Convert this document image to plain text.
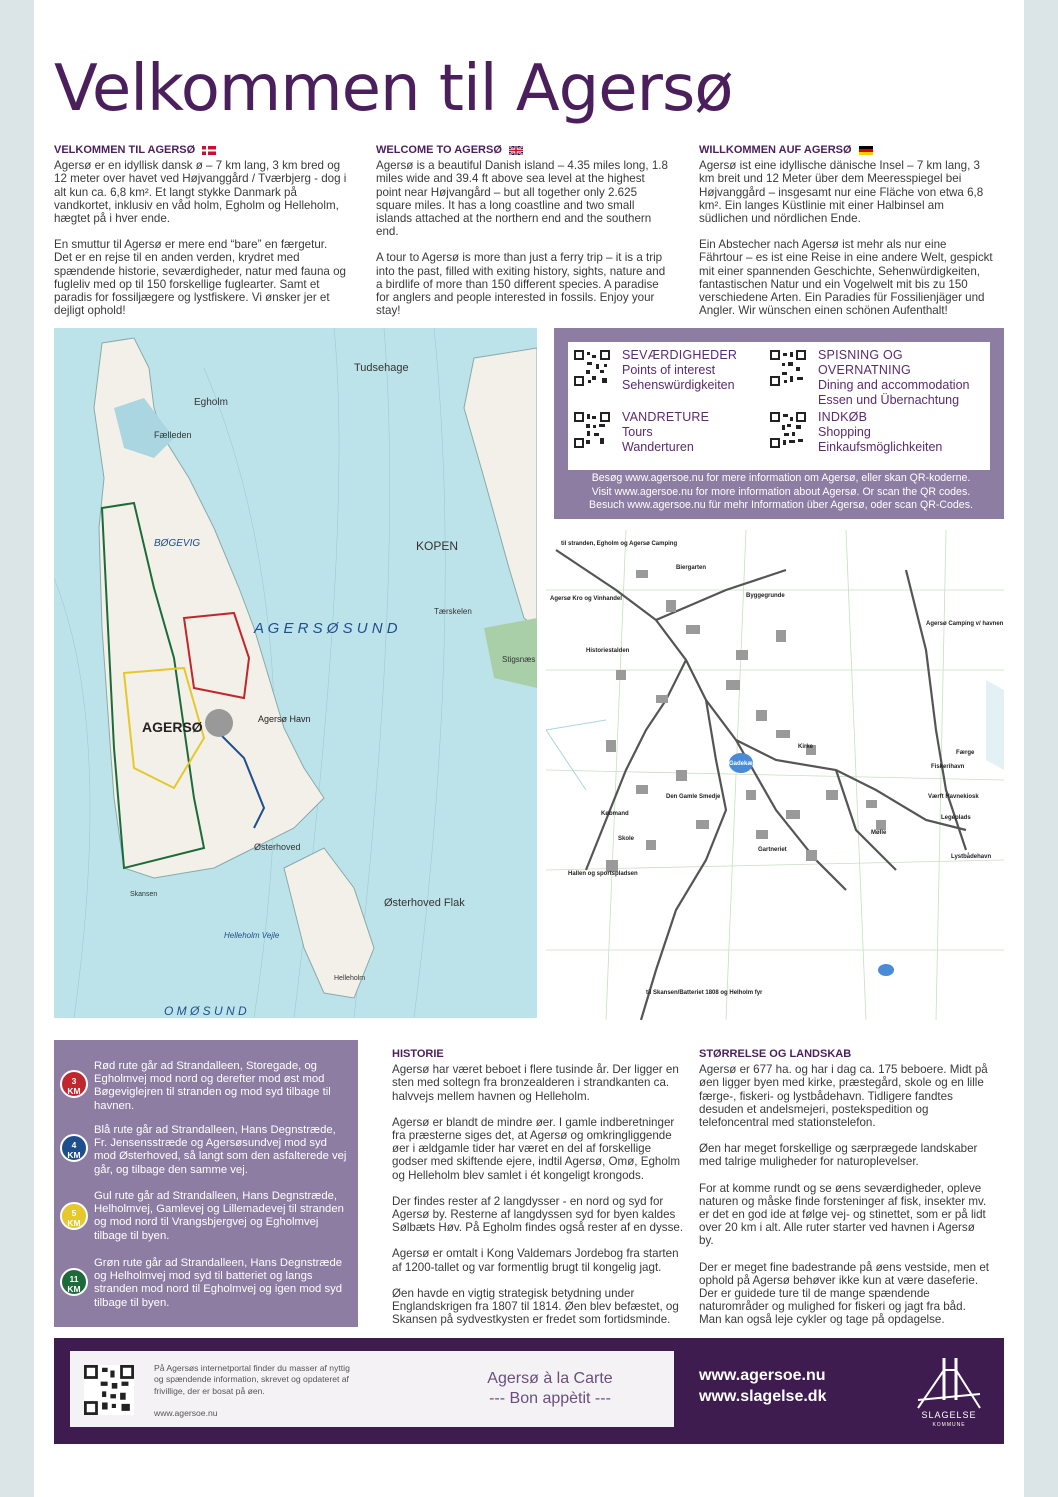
Velkommen til Agersø
VELKOMMEN TIL AGERSØ

Agersø er en idyllisk dansk ø – 7 km lang, 3 km bred og 12 meter over havet ved Højvanggård / Tværbjerg - dog i alt kun ca. 6,8 km². Et langt stykke Danmark på vandkortet, inklusiv en våd holm, Egholm og Helleholm, hægtet på i hver ende.

En smuttur til Agersø er mere end “bare” en færgetur. Det er en rejse til en anden verden, krydret med spændende historie, seværdigheder, natur med fauna og fugleliv med op til 150 forskellige fuglearter. Samt et paradis for fossiljægere og lystfiskere. Vi ønsker jer et dejligt ophold!

WELCOME TO AGERSØ

Agersø is a beautiful Danish island – 4.35 miles long, 1.8 miles wide and 39.4 ft above sea level at the highest point near Højvangård – but all together only 2.625 square miles. It has a long coastline and two small islands attached at the northern end and the southern end.

A tour to Agersø is more than just a ferry trip – it is a trip into the past, filled with exiting history, sights, nature and a birdlife of more than 150 different species. A paradise for anglers and people interested in fossils. Enjoy your stay!

WILLKOMMEN AUF AGERSØ

Agersø ist eine idyllische dänische Insel – 7 km lang, 3 km breit und 12 Meter über dem Meeresspiegel bei Højvanggård – insgesamt nur eine Fläche von etwa 6,8 km². Ein langes Küstlinie mit einer Halbinsel am südlichen und nördlichen Ende.

Ein Abstecher nach Agersø ist mehr als nur eine Fährtour – es ist eine Reise in eine andere Welt, gespickt mit einer spannenden Geschichte, Sehenwürdigkeiten, fantastischen Natur und ein Vogelwelt mit bis zu 150 verschiedene Arten. Ein Paradies für Fossilienjäger und Angler. Wir wünschen einen schönen Aufenthalt!

Tudsehage
Egholm
Fælleden
BØGEVIG	KOPEN
A G E R S Ø S U N D
Tærskelen
Stigsnæs
AGERSØ	Agersø Havn
Østerhoved
Østerhoved Flak
Helleholm Vejle
Helleholm
O M Ø S U N D
Skansen
SEVÆRDIGHEDER
Points of interest
Sehenswürdigkeiten
SPISNING OG OVERNATNING
Dining and accommodation
Essen und Übernachtung
VANDRETURE
Tours
Wanderturen
INDKØB
Shopping
Einkaufsmöglichkeiten
Besøg www.agersoe.nu for mere information om Agersø, eller skan QR-koderne.
Visit www.agersoe.nu for more information about Agersø. Or scan the QR codes.
Besuch www.agersoe.nu für mehr Information über Agersø, oder scan QR-Codes.
til stranden, Egholm og Agersø Camping
Biergarten
Agersø Kro og Vinhandel	Byggegrunde
Agersø Camping v/ havnen
Historiestalden
Kirke
Færge
Fiskerihavn
Gadekær
Værft Havnekiosk
Legeplads
Købmand
Den Gamle Smedje
Skole
Mølle
Gartneriet
Lystbådehavn
Hallen og sportspladsen
til Skansen/Batteriet 1808 og Helholm fyr
3
KM
Rød rute går ad Strandalleen, Storegade, og Egholmvej mod nord og derefter mod øst mod Bøgeviglejren til stranden og mod syd tilbage til havnen.
4
KM
Blå rute går ad Strandalleen, Hans Degnstræde, Fr. Jensensstræde og Agersøsundvej mod syd mod Østerhoved, så langt som den asfalterede vej går, og tilbage den samme vej.
5
KM
Gul rute går ad Strandalleen, Hans Degnstræde, Helholmvej, Gamlevej og Lillemadevej til stranden og mod nord til Vrangsbjergvej og Egholmvej tilbage til byen.
11
KM
Grøn rute går ad Strandalleen, Hans Degnstræde og Helholmvej mod syd til batteriet og langs stranden mod nord til Egholmvej og igen mod syd tilbage til byen.
HISTORIE

Agersø har været beboet i flere tusinde år. Der ligger en sten med soltegn fra bronzealderen i strandkanten ca. halvvejs mellem havnen og Helleholm.

Agersø er blandt de mindre øer. I gamle indberetninger fra præsterne siges det, at Agersø og omkringliggende øer i ældgamle tider har været en del af forskellige godser med skiftende ejere, indtil Agersø, Omø, Egholm og Helleholm blev samlet i ét kongeligt krongods.

Der findes rester af 2 langdysser - en nord og syd for Agersø by. Resterne af langdyssen syd for byen kaldes Sølbæts Høv. På Egholm findes også rester af en dysse.

Agersø er omtalt i Kong Valdemars Jordebog fra starten af 1200-tallet og var formentlig brugt til kongelig jagt.

Øen havde en vigtig strategisk betydning under Englandskrigen fra 1807 til 1814. Øen blev befæstet, og Skansen på sydvestkysten er fredet som fortidsminde.

STØRRELSE OG LANDSKAB

Agersø er 677 ha. og har i dag ca. 175 beboere. Midt på øen ligger byen med kirke, præstegård, skole og en lille færge-, fiskeri- og lystbådehavn. Tidligere fandtes desuden et andelsmejeri, postekspedition og telefoncentral med stationstelefon.

Øen har meget forskellige og særprægede landskaber med talrige muligheder for naturoplevelser.

For at komme rundt og se øens seværdigheder, opleve naturen og måske finde forsteninger af fisk, insekter mv. er det en god ide at følge vej- og stinettet, som er på lidt over 20 km i alt. Alle ruter starter ved havnen i Agersø by.

Der er meget fine badestrande på øens vestside, men et ophold på Agersø behøver ikke kun at være daseferie. Der er guidede ture til de mange spændende naturområder og mulighed for fiskeri og jagt fra båd. Man kan også leje cykler og tage på opdagelse.

På Agersøs internetportal finder du masser af nyttig og spændende information, skrevet og opdateret af frivillige, der er bosat på øen.
www.agersoe.nu
Agersø à la Carte
--- Bon appètit ---
www.agersoe.nu
www.slagelse.dk
SLAGELSE
KOMMUNE
